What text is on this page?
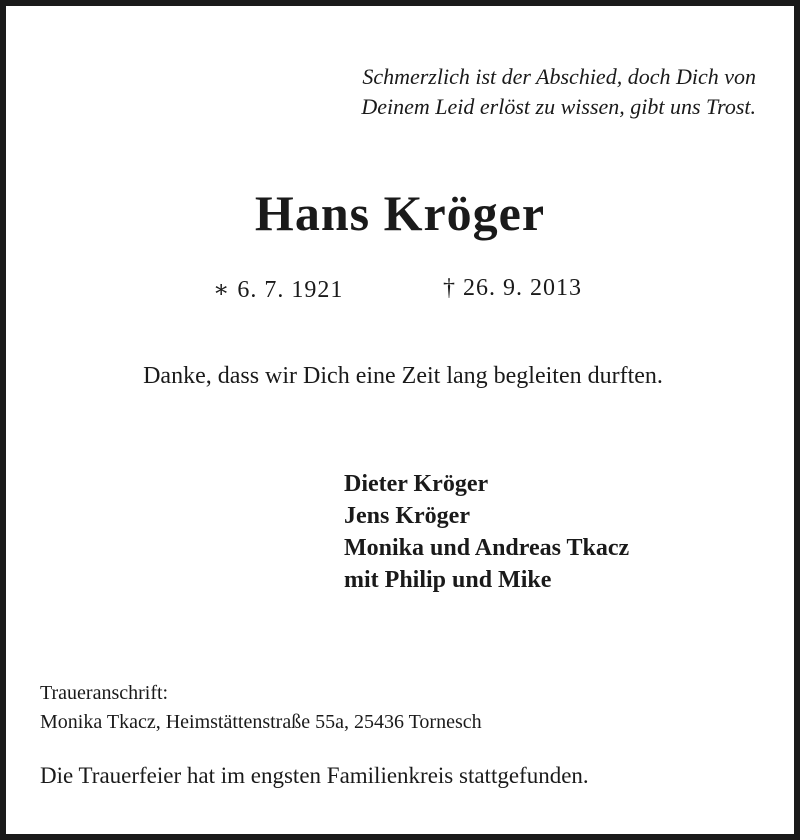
Schmerzlich ist der Abschied, doch Dich von
Deinem Leid erlöst zu wissen, gibt uns Trost.
Hans Kröger
∗ 6. 7. 1921	† 26. 9. 2013
Danke, dass wir Dich eine Zeit lang begleiten durften.
Dieter Kröger
Jens Kröger
Monika und Andreas Tkacz
mit Philip und Mike
Traueranschrift:
Monika Tkacz, Heimstättenstraße 55a, 25436 Tornesch
Die Trauerfeier hat im engsten Familienkreis stattgefunden.
